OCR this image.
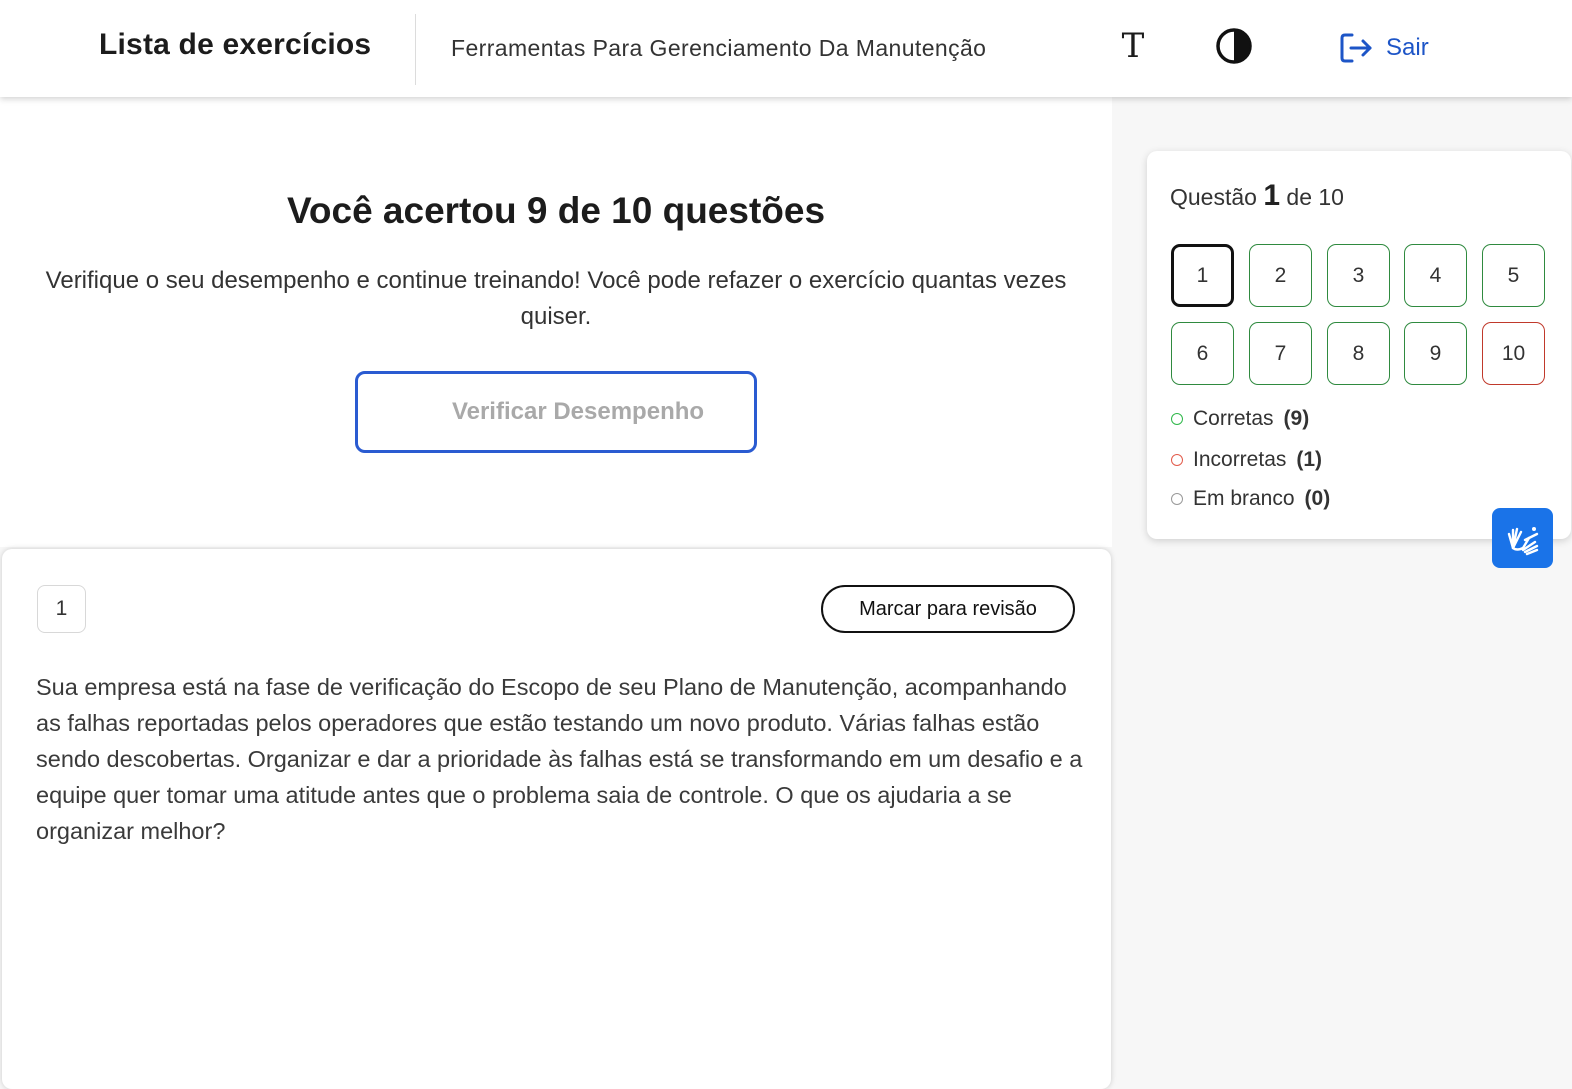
Lista de exercícios	Ferramentas Para Gerenciamento Da Manutenção	T	Sair
Você acertou 9 de 10 questões
Verifique o seu desempenho e continue treinando! Você pode refazer o exercício quantas vezes quiser.
Verificar Desempenho
1	Marcar para revisão
Sua empresa está na fase de verificação do Escopo de seu Plano de Manutenção, acompanhando as falhas reportadas pelos operadores que estão testando um novo produto. Várias falhas estão sendo descobertas. Organizar e dar a prioridade às falhas está se transformando em um desafio e a equipe quer tomar uma atitude antes que o problema saia de controle. O que os ajudaria a se organizar melhor?
Questão 1 de 10
1	2	3	4	5
6	7	8	9	10
Corretas (9)
Incorretas (1)
Em branco (0)
